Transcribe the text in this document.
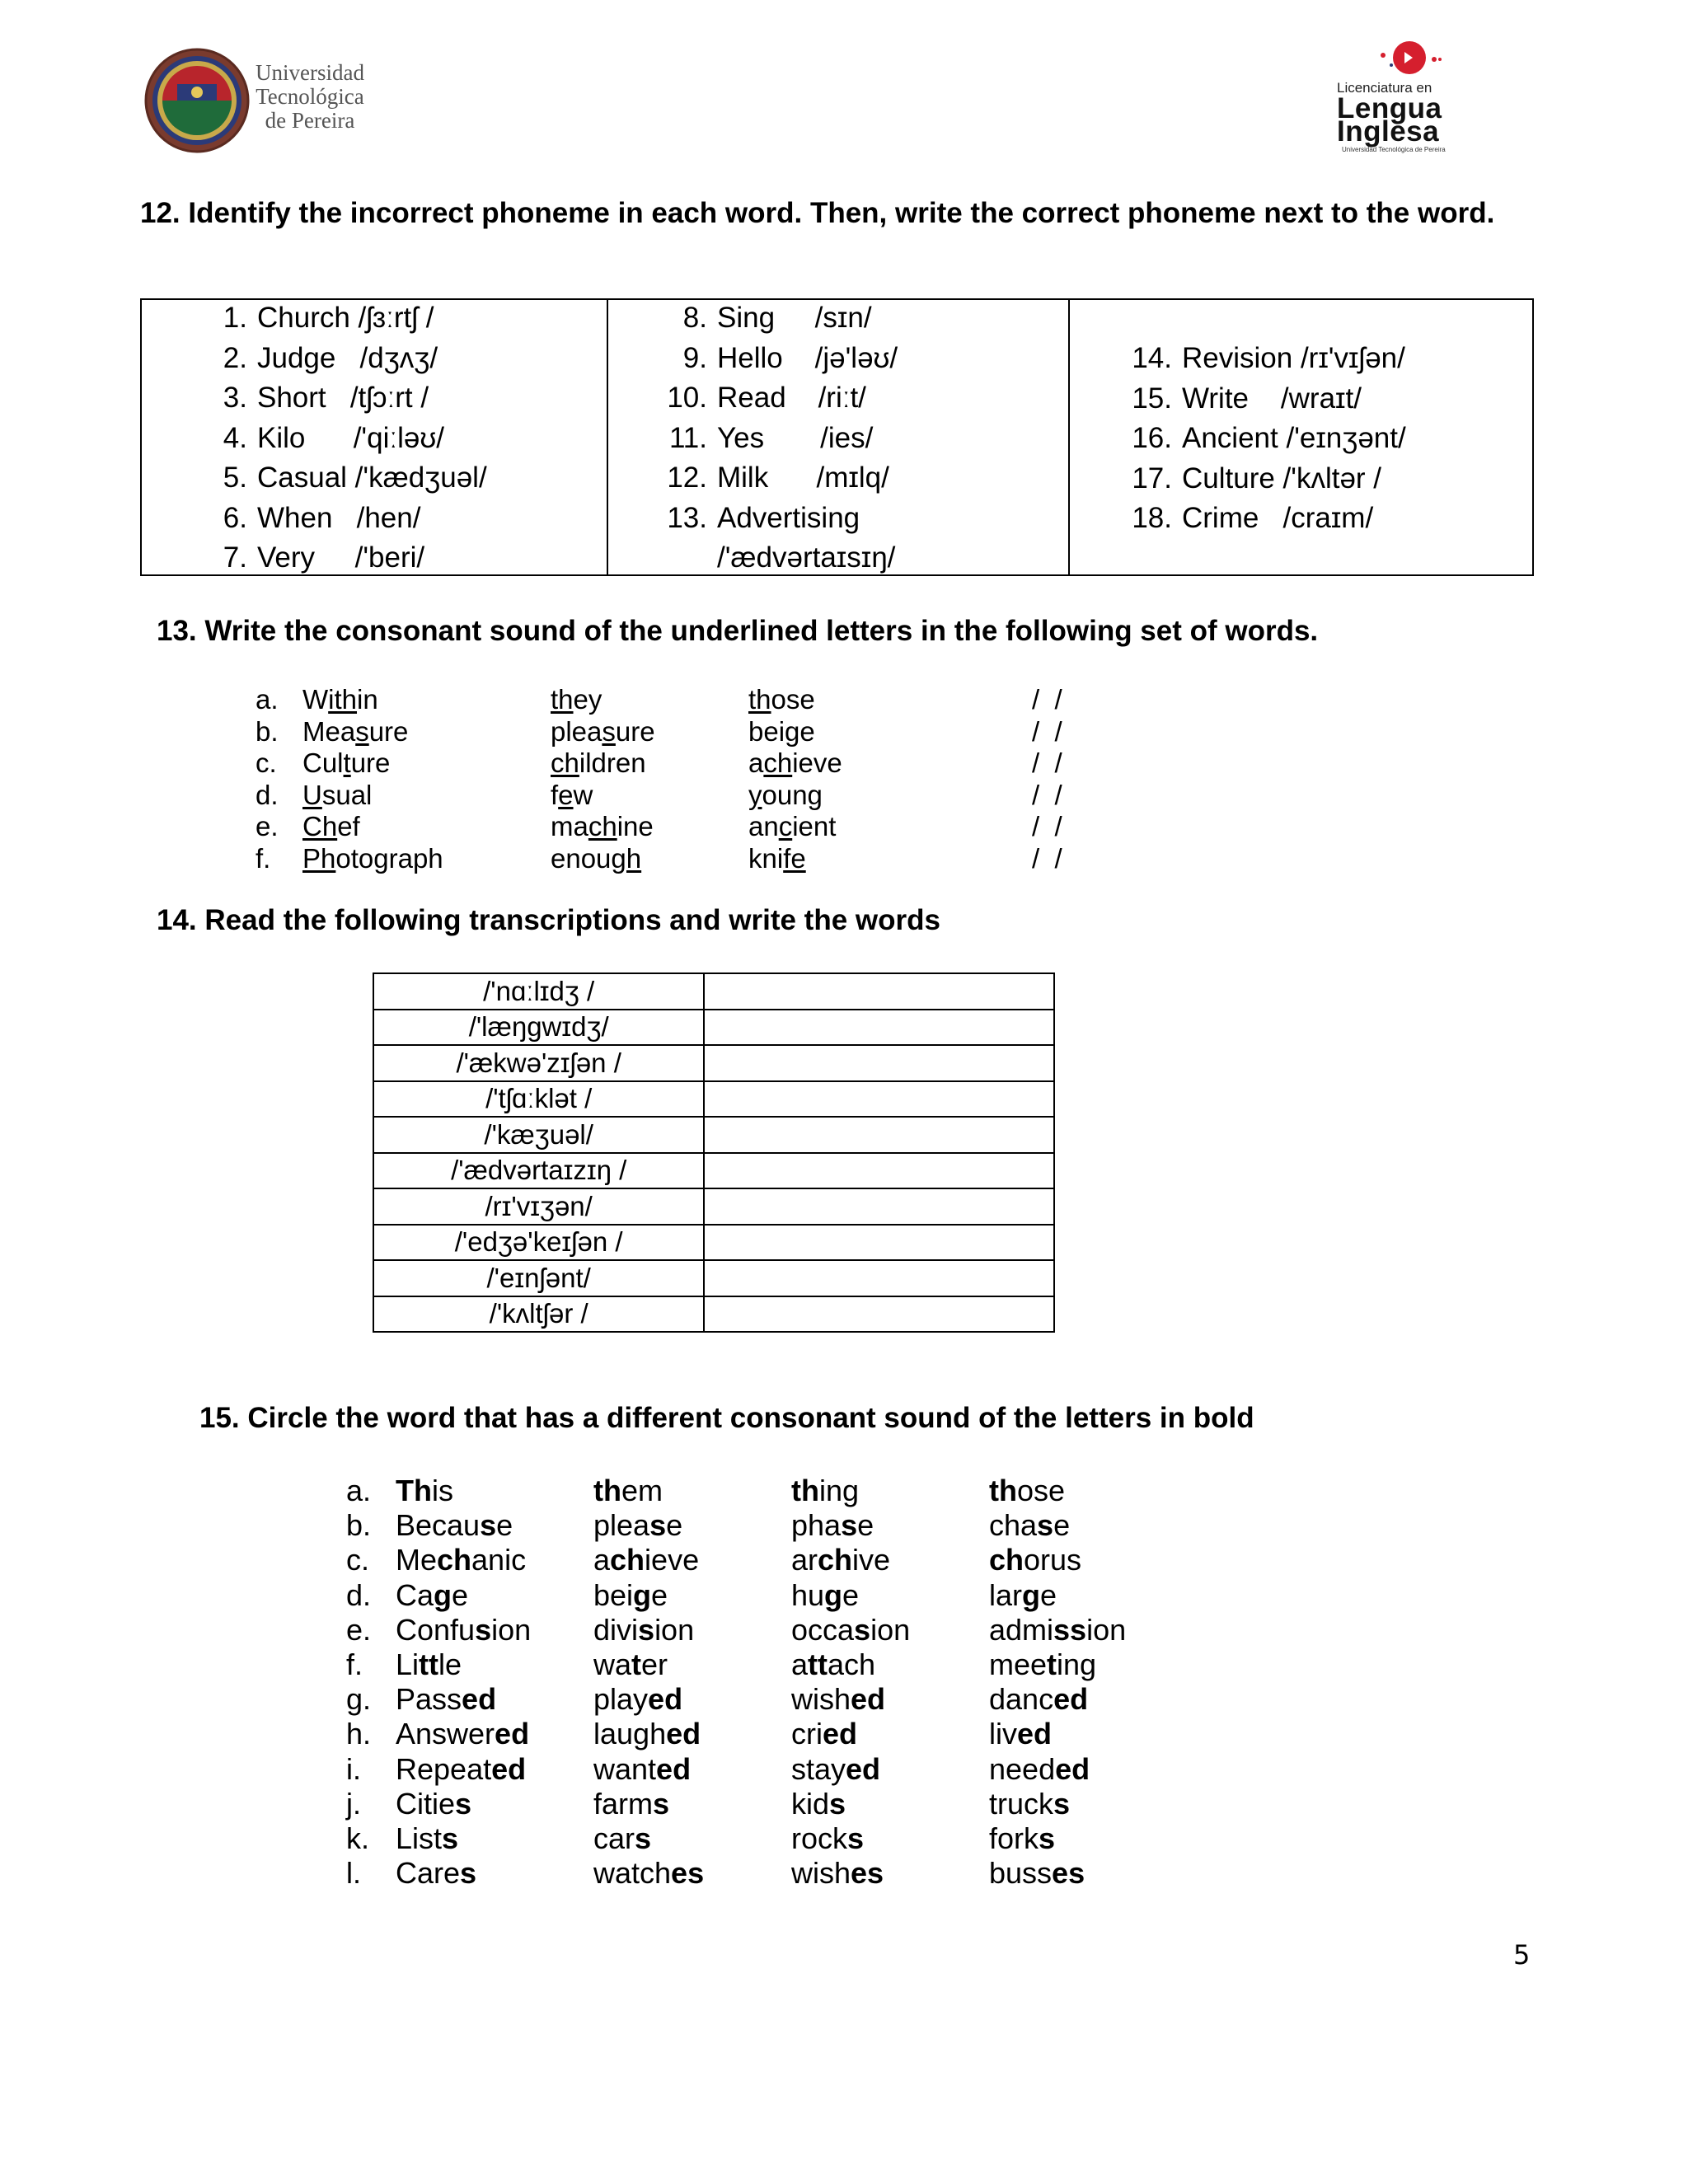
Universidad
Tecnológica
de Pereira
Licenciatura en
Lengua
Inglesa
Universidad Tecnológica de Pereira
12. Identify the incorrect phoneme in each word. Then, write the correct phoneme next to the word.
1. Church /ʃɜːrtʃ /
2. Judge   /dʒʌʒ/
3. Short   /tʃɔːrt /
4. Kilo      /'qiːləʊ/
5. Casual /'kædʒuəl/
6. When   /hen/
7. Very     /'beri/
8. Sing     /sɪn/
9. Hello    /jə'ləʊ/
10. Read    /riːt/
11. Yes       /ies/
12. Milk      /mɪlq/
13. Advertising
/'ædvərtaɪsɪŋ/
14. Revision /rɪ'vɪʃən/
15. Write    /wraɪt/
16. Ancient /'eɪnʒənt/
17. Culture /'kʌltər /
18. Crime   /craɪm/
13. Write the consonant sound of the underlined letters in the following set of words.
a. Within	they	those	/  /
b. Measure	pleasure	beige	/  /
c. Culture	children	achieve	/  /
d. Usual	few	young	/  /
e. Chef	machine	ancient	/  /
f. Photograph	enough	knife	/  /
14. Read the following transcriptions and write the words
/'nɑːlɪdʒ /	
/'læŋgwɪdʒ/	
/'ækwə'zɪʃən /	
/'tʃɑːklət /	
/'kæʒuəl/	
/'ædvərtaɪzɪŋ /	
/rɪ'vɪʒən/	
/'edʒə'keɪʃən /	
/'eɪnʃənt/	
/'kʌltʃər /	
15. Circle the word that has a different consonant sound of the letters in bold
a. This	them	thing	those
b. Because	please	phase	chase
c. Mechanic achieve	archive	chorus
d. Cage	beige	huge	large
e. Confusion division	occasion	admission
f. Little	water	attach	meeting
g. Passed	played	wished	danced
h. Answered laughed	cried	lived
i. Repeated wanted	stayed	needed
j. Cities	farms	kids	trucks
k. Lists	cars	rocks	forks
l. Cares	watches	wishes	busses
5
